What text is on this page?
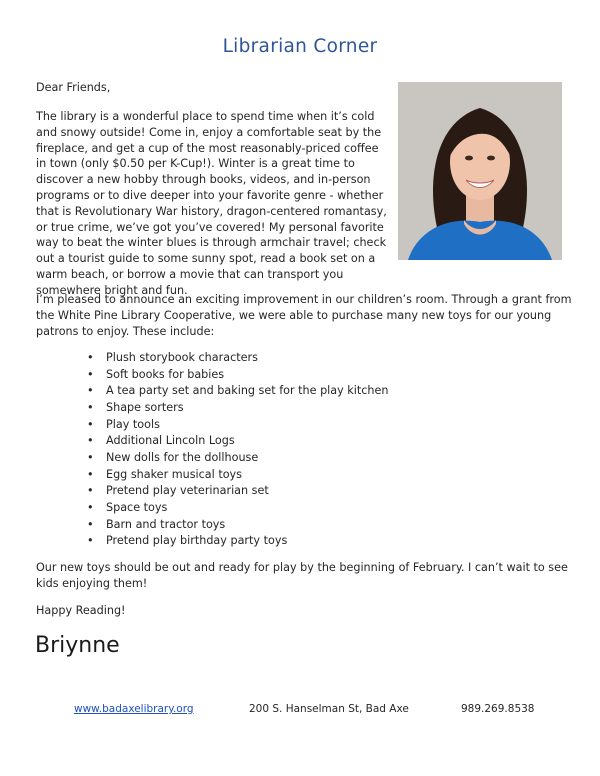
Librarian Corner
Dear Friends,
The library is a wonderful place to spend time when it’s cold and snowy outside! Come in, enjoy a comfortable seat by the fireplace, and get a cup of the most reasonably-priced coffee in town (only $0.50 per K-Cup!). Winter is a great time to discover a new hobby through books, videos, and in-person programs or to dive deeper into your favorite genre - whether that is Revolutionary War history, dragon-centered romantasy, or true crime, we’ve got you’ve covered! My personal favorite way to beat the winter blues is through armchair travel; check out a tourist guide to some sunny spot, read a book set on a warm beach, or borrow a movie that can transport you somewhere bright and fun.
I’m pleased to announce an exciting improvement in our children’s room. Through a grant from the White Pine Library Cooperative, we were able to purchase many new toys for our young patrons to enjoy. These include:
• Plush storybook characters
• Soft books for babies
• A tea party set and baking set for the play kitchen
• Shape sorters
• Play tools
• Additional Lincoln Logs
• New dolls for the dollhouse
• Egg shaker musical toys
• Pretend play veterinarian set
• Space toys
• Barn and tractor toys
• Pretend play birthday party toys
Our new toys should be out and ready for play by the beginning of February. I can’t wait to see kids enjoying them!
Happy Reading!
Briynne
www.badaxelibrary.org	200 S. Hanselman St, Bad Axe	989.269.8538
